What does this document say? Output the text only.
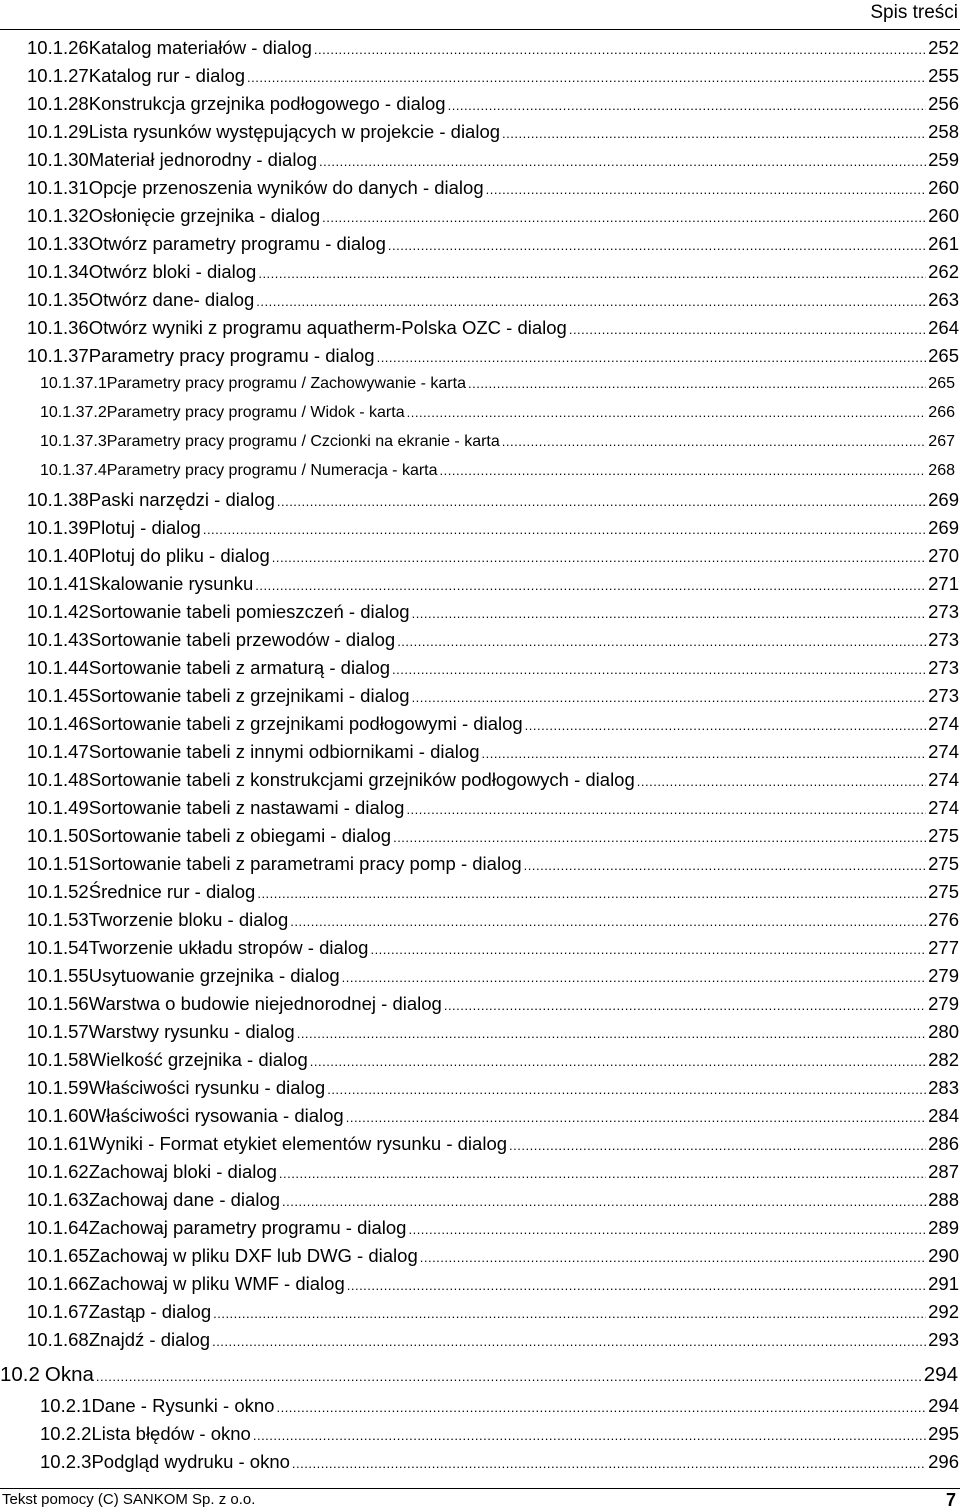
Spis treści
10.1.26 Katalog materiałów - dialog .....	252
10.1.27 Katalog rur - dialog .....	255
10.1.28 Konstrukcja grzejnika podłogowego - dialog .....	256
10.1.29 Lista rysunków występujących w projekcie - dialog .....	258
10.1.30 Materiał jednorodny - dialog .....	259
10.1.31 Opcje przenoszenia wyników do danych - dialog .....	260
10.1.32 Osłonięcie grzejnika - dialog .....	260
10.1.33 Otwórz parametry programu - dialog .....	261
10.1.34 Otwórz bloki - dialog .....	262
10.1.35 Otwórz dane- dialog .....	263
10.1.36 Otwórz wyniki z programu aquatherm-Polska OZC - dialog .....	264
10.1.37 Parametry pracy programu - dialog .....	265
10.1.37.1 Parametry pracy programu / Zachowywanie - karta .....	265
10.1.37.2 Parametry pracy programu / Widok - karta .....	266
10.1.37.3 Parametry pracy programu / Czcionki na ekranie - karta .....	267
10.1.37.4 Parametry pracy programu / Numeracja - karta .....	268
10.1.38 Paski narzędzi - dialog .....	269
10.1.39 Plotuj - dialog .....	269
10.1.40 Plotuj do pliku - dialog .....	270
10.1.41 Skalowanie rysunku .....	271
10.1.42 Sortowanie tabeli pomieszczeń - dialog .....	273
10.1.43 Sortowanie tabeli przewodów - dialog .....	273
10.1.44 Sortowanie tabeli z armaturą - dialog .....	273
10.1.45 Sortowanie tabeli z grzejnikami - dialog .....	273
10.1.46 Sortowanie tabeli z grzejnikami podłogowymi - dialog .....	274
10.1.47 Sortowanie tabeli z innymi odbiornikami - dialog .....	274
10.1.48 Sortowanie tabeli z konstrukcjami grzejników podłogowych - dialog .....	274
10.1.49 Sortowanie tabeli z nastawami - dialog .....	274
10.1.50 Sortowanie tabeli z obiegami - dialog .....	275
10.1.51 Sortowanie tabeli z parametrami pracy pomp - dialog .....	275
10.1.52 Średnice rur - dialog .....	275
10.1.53 Tworzenie bloku - dialog .....	276
10.1.54 Tworzenie układu stropów - dialog .....	277
10.1.55 Usytuowanie grzejnika - dialog .....	279
10.1.56 Warstwa o budowie niejednorodnej - dialog .....	279
10.1.57 Warstwy rysunku - dialog .....	280
10.1.58 Wielkość grzejnika - dialog .....	282
10.1.59 Właściwości rysunku - dialog .....	283
10.1.60 Właściwości rysowania - dialog .....	284
10.1.61 Wyniki - Format etykiet elementów rysunku - dialog .....	286
10.1.62 Zachowaj bloki - dialog .....	287
10.1.63 Zachowaj dane - dialog .....	288
10.1.64 Zachowaj parametry programu - dialog .....	289
10.1.65 Zachowaj w pliku DXF lub DWG - dialog .....	290
10.1.66 Zachowaj w pliku WMF - dialog .....	291
10.1.67 Zastąp - dialog .....	292
10.1.68 Znajdź - dialog .....	293
10.2 Okna .....	294
10.2.1 Dane - Rysunki - okno .....	294
10.2.2 Lista błędów - okno .....	295
10.2.3 Podgląd wydruku - okno .....	296
Tekst pomocy (C) SANKOM Sp. z o.o.	7
